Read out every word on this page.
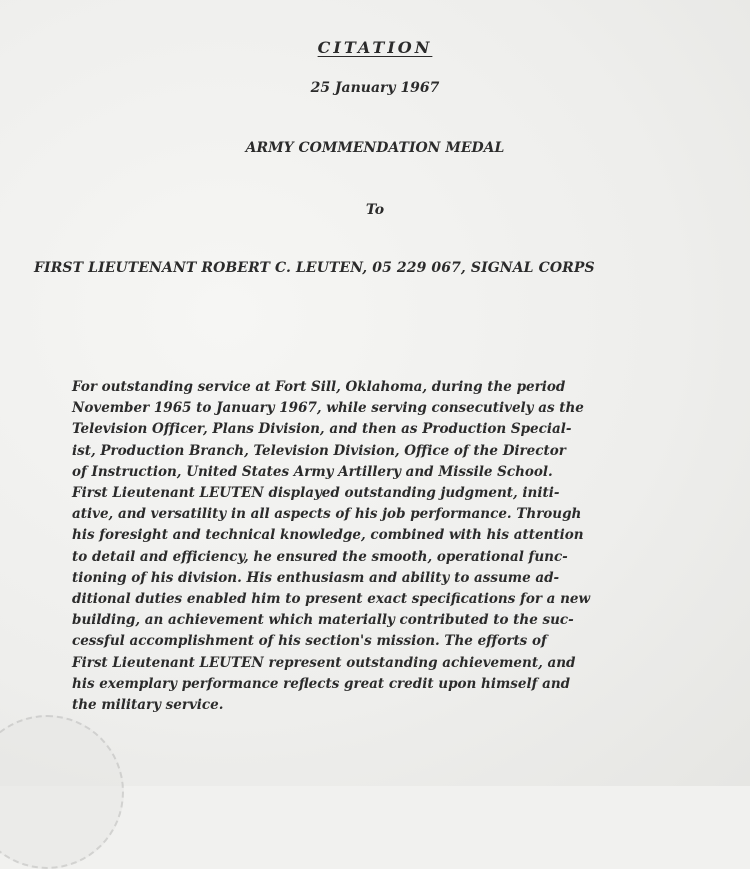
CITATION
25 January 1967
ARMY COMMENDATION MEDAL
To
FIRST LIEUTENANT ROBERT C. LEUTEN, 05 229 067, SIGNAL CORPS
For outstanding service at Fort Sill, Oklahoma, during the period
November 1965 to January 1967, while serving consecutively as the
Television Officer, Plans Division, and then as Production Special-
ist, Production Branch, Television Division, Office of the Director
of Instruction, United States Army Artillery and Missile School.
First Lieutenant LEUTEN displayed outstanding judgment, initi-
ative, and versatility in all aspects of his job performance. Through
his foresight and technical knowledge, combined with his attention
to detail and efficiency, he ensured the smooth, operational func-
tioning of his division. His enthusiasm and ability to assume ad-
ditional duties enabled him to present exact specifications for a new
building, an achievement which materially contributed to the suc-
cessful accomplishment of his section's mission. The efforts of
First Lieutenant LEUTEN represent outstanding achievement, and
his exemplary performance reflects great credit upon himself and
the military service.
